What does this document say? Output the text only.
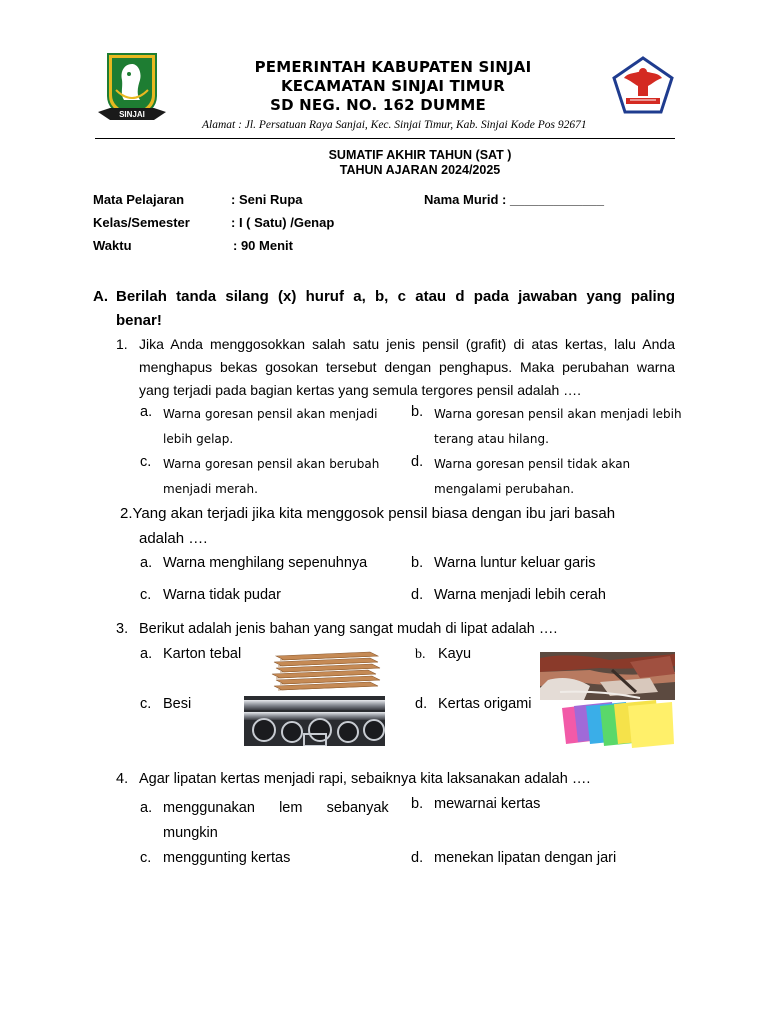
SINJAI
PEMERINTAH KABUPATEN SINJAI
KECAMATAN SINJAI TIMUR
SD NEG. NO. 162 DUMME
Alamat : Jl. Persatuan Raya Sanjai, Kec. Sinjai Timur, Kab. Sinjai Kode Pos 92671
SUMATIF AKHIR TAHUN (SAT )
TAHUN AJARAN 2024/2025
Mata Pelajaran	: Seni Rupa	Nama Murid : _____________
Kelas/Semester	: I ( Satu) /Genap
Waktu	: 90 Menit
A. Berilah tanda silang (x) huruf a, b, c atau d pada jawaban yang paling
benar!
1. Jika Anda menggosokkan salah satu jenis pensil (grafit) di atas kertas, lalu Anda
menghapus bekas gosokan tersebut dengan penghapus. Maka perubahan warna
yang terjadi pada bagian kertas yang semula tergores pensil adalah ….
a. Warna goresan pensil akan menjadi
lebih gelap.
b. Warna goresan pensil akan menjadi lebih
terang atau hilang.
c. Warna goresan pensil akan berubah
menjadi merah.
d. Warna goresan pensil tidak akan
mengalami perubahan.
2.Yang akan terjadi jika kita menggosok pensil biasa dengan ibu jari basah
adalah ….
a. Warna menghilang sepenuhnya	b. Warna luntur keluar garis
c. Warna tidak pudar	d. Warna menjadi lebih cerah
3. Berikut adalah jenis bahan yang sangat mudah di lipat adalah ….
a. Karton tebal	b. Kayu
c. Besi	d. Kertas origami
4. Agar lipatan kertas menjadi rapi, sebaiknya kita laksanakan adalah ….
a. menggunakan      lem      sebanyak
mungkin
b. mewarnai kertas
c. menggunting kertas	d. menekan lipatan dengan jari
